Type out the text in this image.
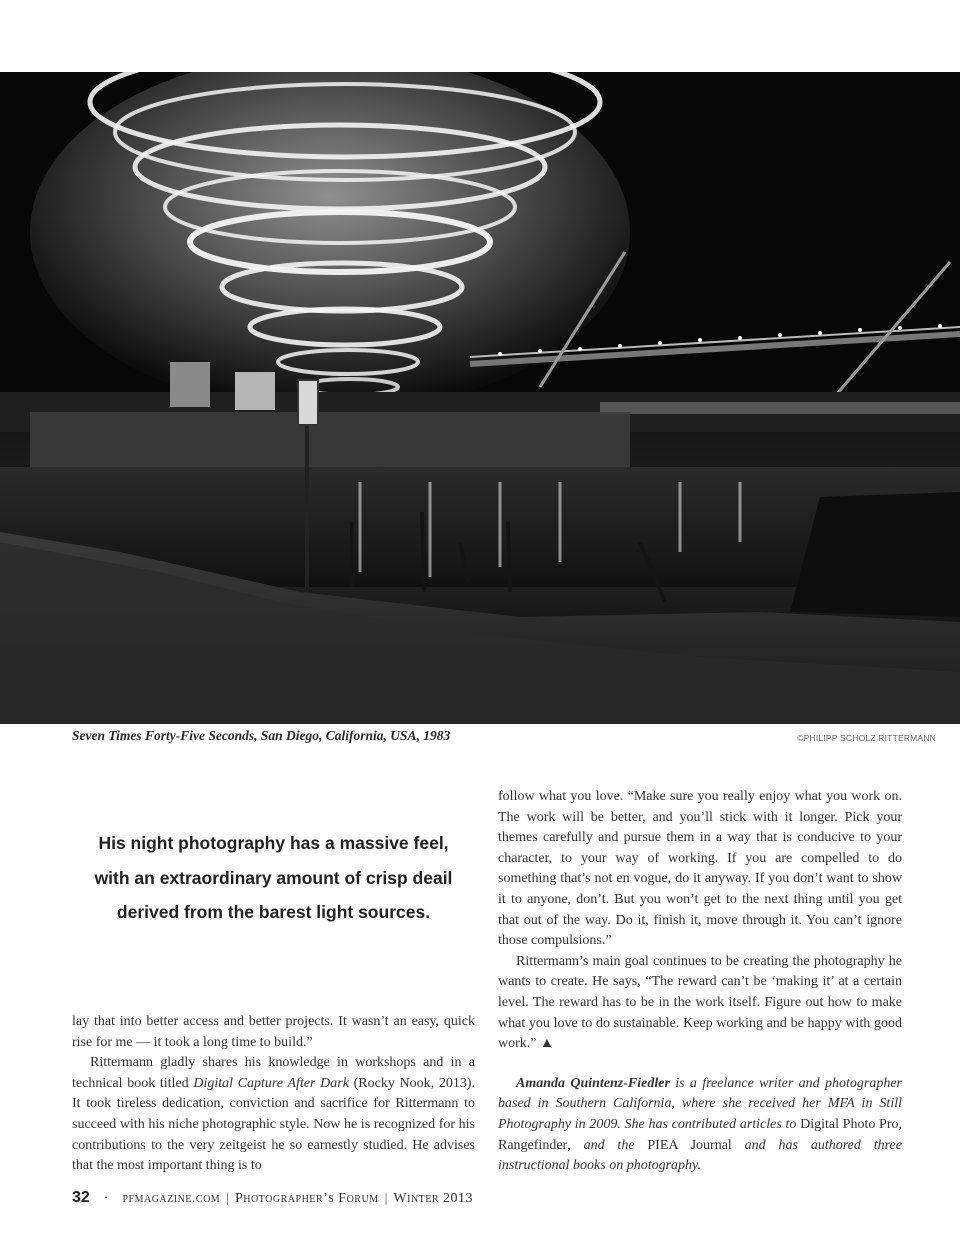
Seven Times Forty-Five Seconds, San Diego, California, USA, 1983	©PHILIPP SCHOLZ RITTERMANN
His night photography has a massive feel,
with an extraordinary amount of crisp deail
derived from the barest light sources.

lay that into better access and better projects. It wasn’t an easy, quick rise for me — it took a long time to build.”

Rittermann gladly shares his knowledge in workshops and in a technical book titled Digital Capture After Dark (Rocky Nook, 2013). It took tireless dedication, conviction and sacrifice for Rittermann to succeed with his niche photographic style. Now he is recognized for his contributions to the very zeitgeist he so earnestly studied. He advises that the most important thing is to

follow what you love. “Make sure you really enjoy what you work on. The work will be better, and you’ll stick with it longer. Pick your themes carefully and pursue them in a way that is conducive to your character, to your way of working. If you are compelled to do something that’s not en vogue, do it anyway. If you don’t want to show it to anyone, don’t. But you won’t get to the next thing until you get that out of the way. Do it, finish it, move through it. You can’t ignore those compulsions.”

Rittermann’s main goal continues to be creating the photography he wants to create. He says, “The reward can’t be ‘making it’ at a certain level. The reward has to be in the work itself. Figure out how to make what you love to do sustainable. Keep working and be happy with good work.” ▲

Amanda Quintenz-Fiedler is a freelance writer and photographer based in Southern California, where she received her MFA in Still Photography in 2009. She has contributed articles to Digital Photo Pro, Rangefinder, and the PIEA Journal and has authored three instructional books on photography.

32 · pfmagazine.com | Photographer’s Forum | Winter 2013
